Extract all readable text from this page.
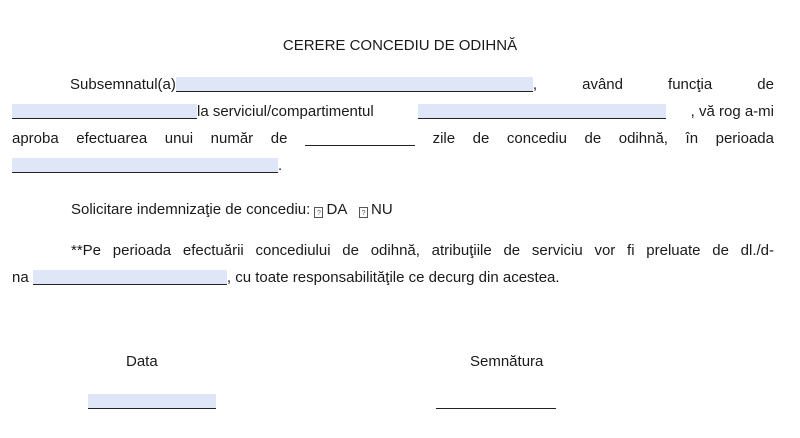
CERERE CONCEDIU DE ODIHNĂ
Subsemnatul(a)	,	având	funcţia	de
la serviciul/compartimentul	, vă rog a-mi
aproba efectuarea unui număr de	zile de concediu de odihnă, în perioada
.
Solicitare indemnizaţie de concediu: ? DA ? NU
**Pe perioada efectuării concediului de odihnă, atribuţiile de serviciu vor fi preluate de dl./d-
na	, cu toate responsabilităţile ce decurg din acestea.
Data	Semnătura
